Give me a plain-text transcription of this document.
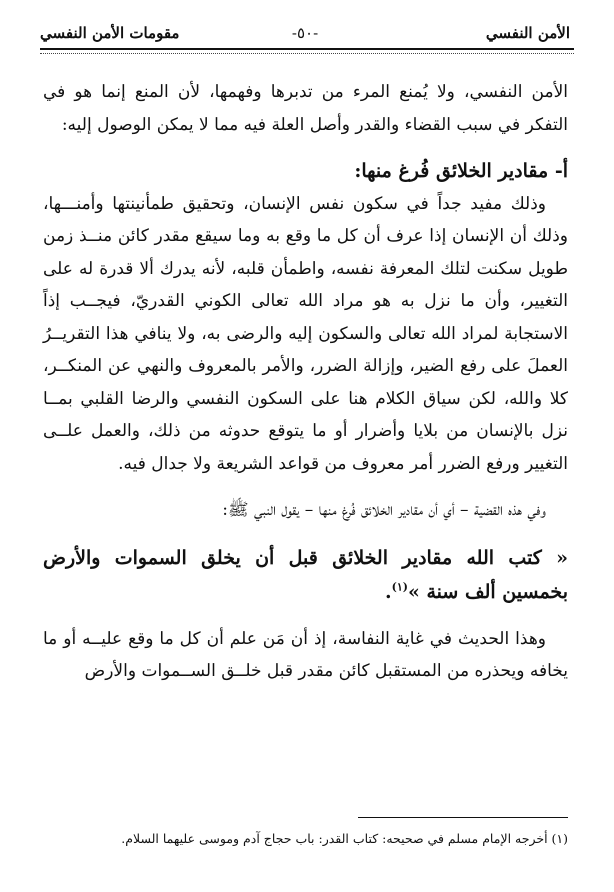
الأمن النفسي
-٥٠-
مقومات الأمن النفسي

الأمن النفسي، ولا يُمنع المرء من تدبرها وفهمها، لأن المنع إنما هو في التفكر في سبب القضاء والقدر وأصل العلة فيه مما لا يمكن الوصول إليه:

أ- مقادير الخلائق فُرغ منها:

وذلك مفيد جداً في سكون نفس الإنسان، وتحقيق طمأنينتها وأمنـــها، وذلك أن الإنسان إذا عرف أن كل ما وقع به وما سيقع مقدر كائن منــذ زمن طويل سكنت لتلك المعرفة نفسه، واطمأن قلبه، لأنه يدرك ألا قدرة له على التغيير، وأن ما نزل به هو مراد الله تعالى الكوني القدريّ، فيجــب إذاً الاستجابة لمراد الله تعالى والسكون إليه والرضى به، ولا ينافي هذا التقريــرُ العملَ على رفع الضير، وإزالة الضرر، والأمر بالمعروف والنهي عن المنكــر، كلا والله، لكن سياق الكلام هنا على السكون النفسي والرضا القلبي بمــا نزل بالإنسان من بلايا وأضرار أو ما يتوقع حدوثه من ذلك، والعمل علــى التغيير ورفع الضرر أمر معروف من قواعد الشريعة ولا جدال فيه.

وفي هذه القضية – أي أن مقادير الخلائق فُرغ منها – يقول النبي ﷺ:

« كتب الله مقادير الخلائق قبل أن يخلق السموات والأرض بخمسين ألف سنة »$^{(١)}$.

وهذا الحديث في غاية النفاسة، إذ أن مَن علم أن كل ما وقع عليــه أو ما يخافه ويحذره من المستقبل كائن مقدر قبل خلــق الســموات والأرض

(١) أخرجه الإمام مسلم في صحيحه: كتاب القدر: باب حجاج آدم وموسى عليهما السلام.
